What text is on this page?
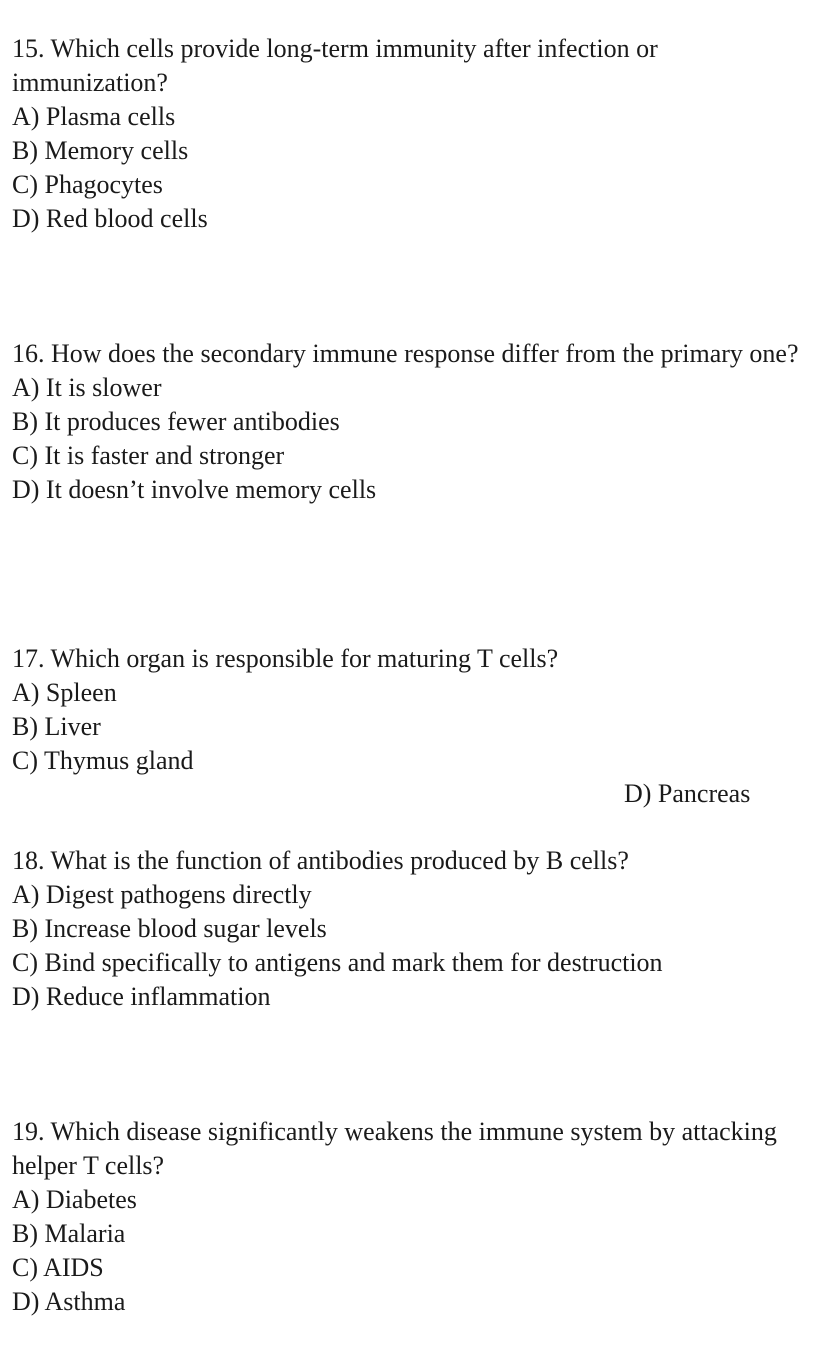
15. Which cells provide long-term immunity after infection or immunization?
A) Plasma cells
B) Memory cells
C) Phagocytes
D) Red blood cells
16. How does the secondary immune response differ from the primary one?
A) It is slower
B) It produces fewer antibodies
C) It is faster and stronger
D) It doesn’t involve memory cells
17. Which organ is responsible for maturing T cells?
A) Spleen
B) Liver
C) Thymus gland
D) Pancreas
18. What is the function of antibodies produced by B cells?
A) Digest pathogens directly
B) Increase blood sugar levels
C) Bind specifically to antigens and mark them for destruction
D) Reduce inflammation
19. Which disease significantly weakens the immune system by attacking helper T cells?
A) Diabetes
B) Malaria
C) AIDS
D) Asthma
